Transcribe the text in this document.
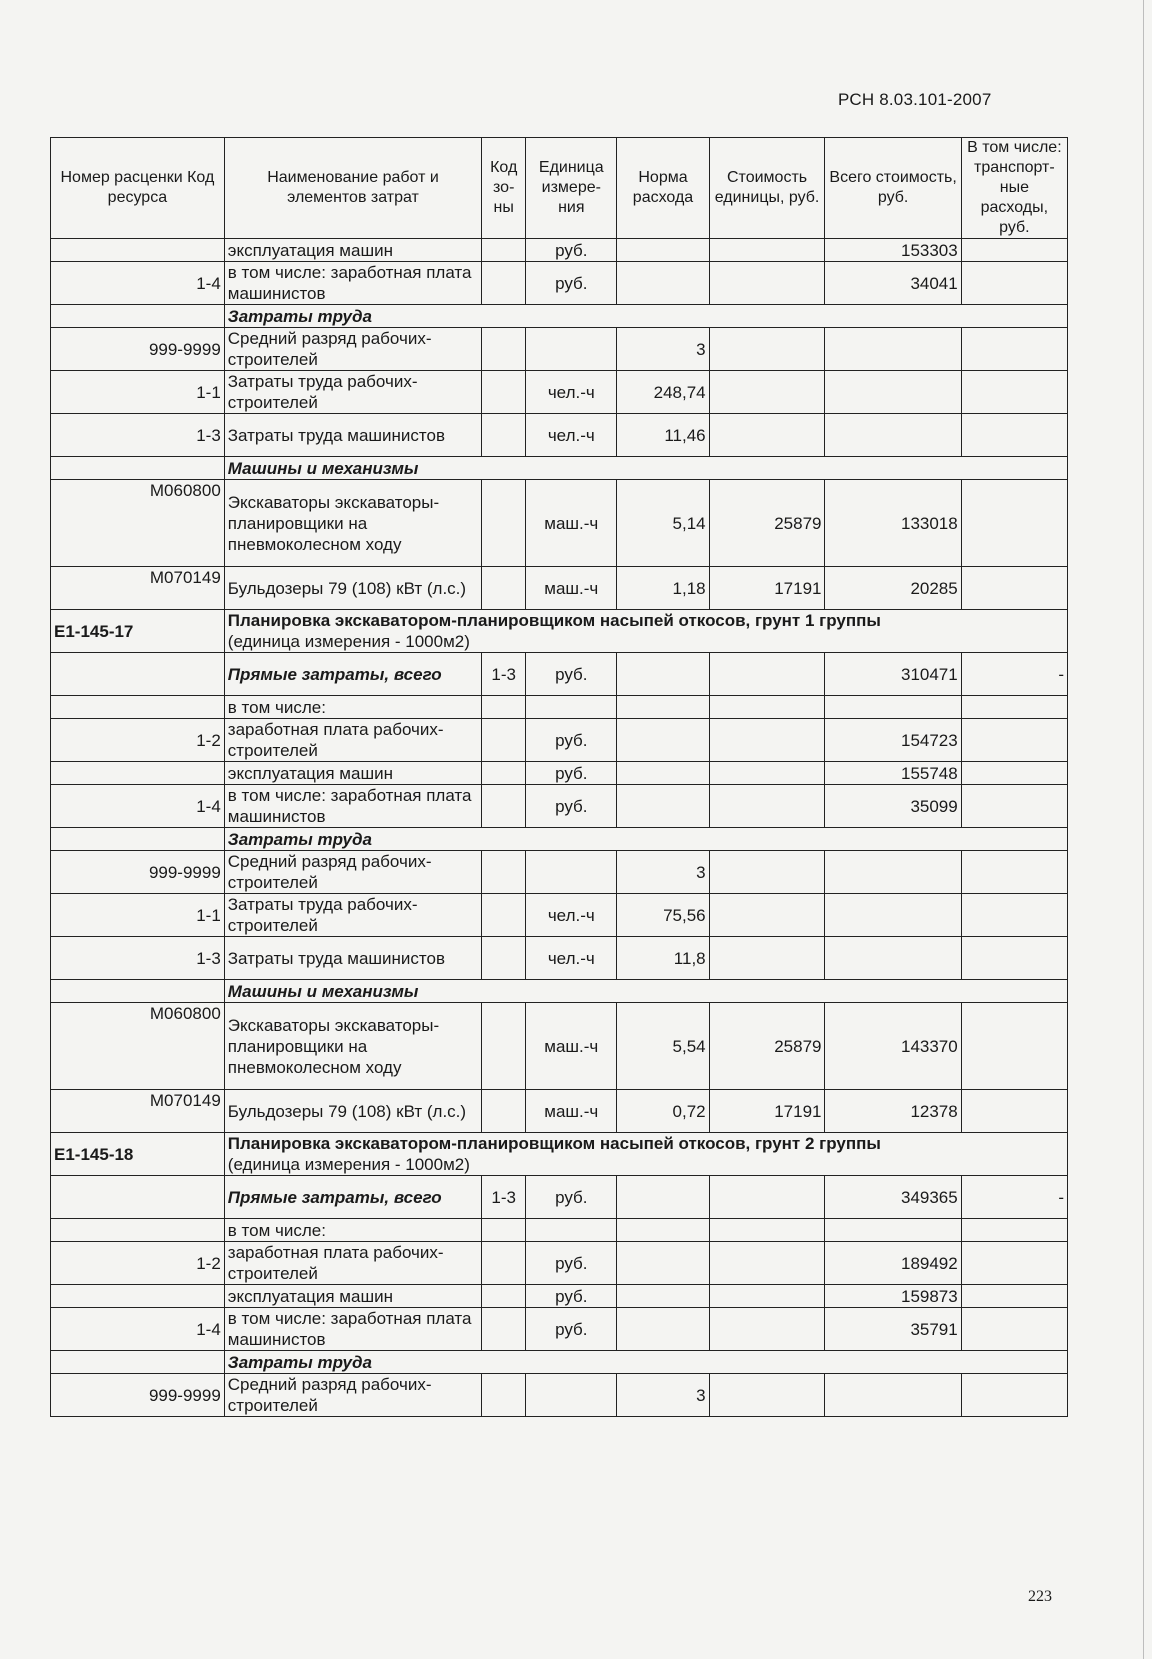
РСН 8.03.101-2007
Номер расценки Код ресурса	Наименование работ и элементов затрат	Код зо-ны	Единица измере-ния	Норма расхода	Стоимость единицы, руб.	Всего стоимость, руб.	В том числе: транспорт-ные расходы, руб.
	эксплуатация машин		руб.			153303	
1-4	в том числе: заработная плата машинистов		руб.			34041	
	Затраты труда						
999-9999	Средний разряд рабочих-строителей			3			
1-1	Затраты труда рабочих-строителей		чел.-ч	248,74			
1-3	Затраты труда машинистов		чел.-ч	11,46			
	Машины и механизмы						
М060800	Экскаваторы экскаваторы-планировщики на пневмоколесном ходу		маш.-ч	5,14	25879	133018	
М070149	Бульдозеры 79 (108) кВт (л.с.)		маш.-ч	1,18	17191	20285	
Е1-145-17	Планировка экскаватором-планировщиком насыпей откосов, грунт 1 группы
(единица измерения - 1000м2)						

	Прямые затраты, всего	1-3	руб.			310471	-
	в том числе:						
1-2	заработная плата рабочих-строителей		руб.			154723	
	эксплуатация машин		руб.			155748	
1-4	в том числе: заработная плата машинистов		руб.			35099	
	Затраты труда						
999-9999	Средний разряд рабочих-строителей			3			
1-1	Затраты труда рабочих-строителей		чел.-ч	75,56			
1-3	Затраты труда машинистов		чел.-ч	11,8			
	Машины и механизмы						
М060800	Экскаваторы экскаваторы-планировщики на пневмоколесном ходу		маш.-ч	5,54	25879	143370	
М070149	Бульдозеры 79 (108) кВт (л.с.)		маш.-ч	0,72	17191	12378	
Е1-145-18	Планировка экскаватором-планировщиком насыпей откосов, грунт 2 группы
(единица измерения - 1000м2)						

	Прямые затраты, всего	1-3	руб.			349365	-
	в том числе:						
1-2	заработная плата рабочих-строителей		руб.			189492	
	эксплуатация машин		руб.			159873	
1-4	в том числе: заработная плата машинистов		руб.			35791	
	Затраты труда						
999-9999	Средний разряд рабочих-строителей			3			
223
